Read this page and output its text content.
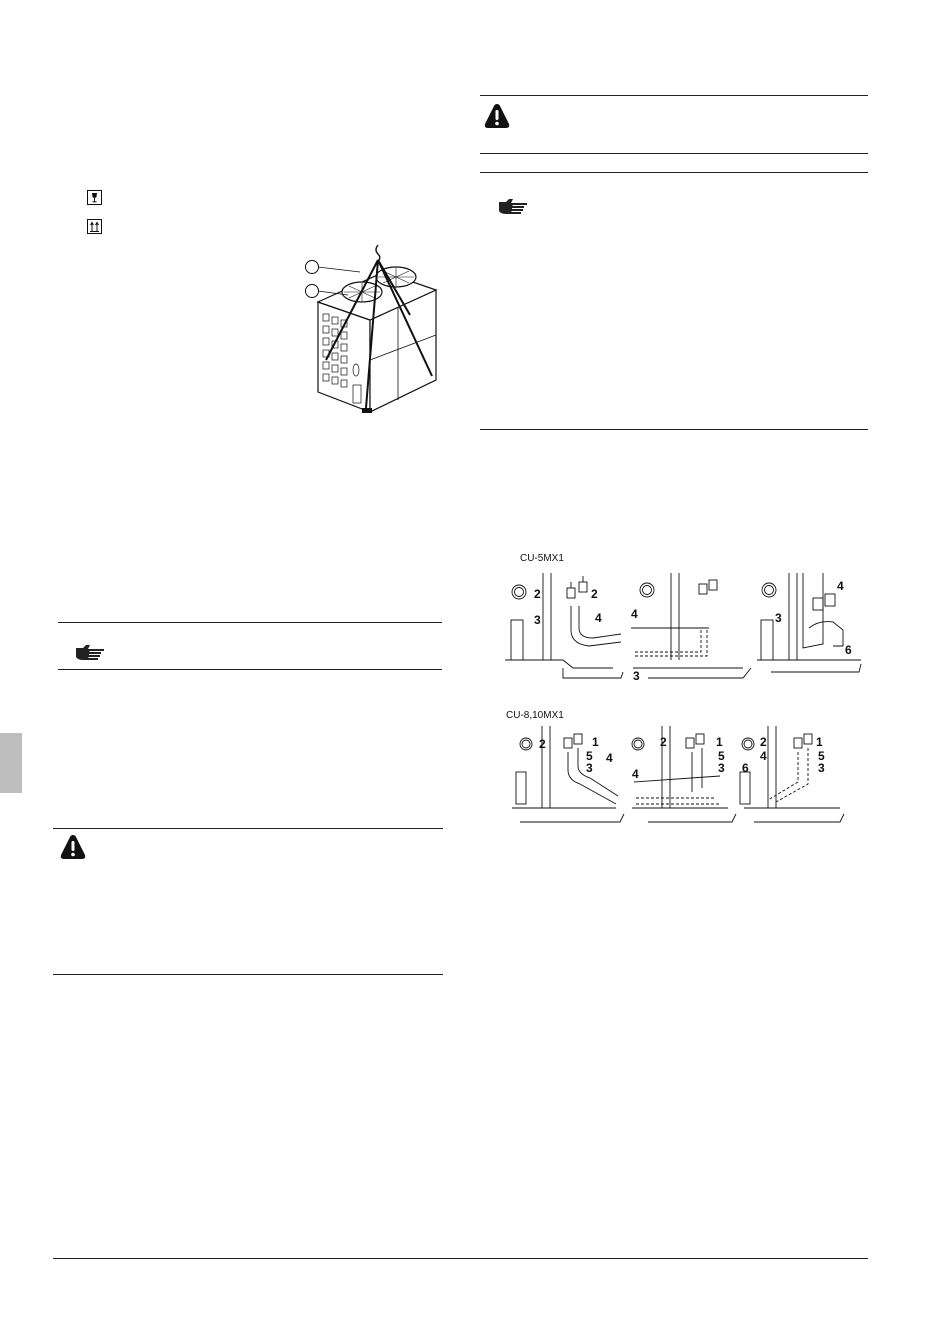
CU-5MX1
2	2
3	4 4
3
4
3
6
CU-8,10MX1
2	1
5 4
3
2	1
5
3
4
2	1
4	5
3
6
